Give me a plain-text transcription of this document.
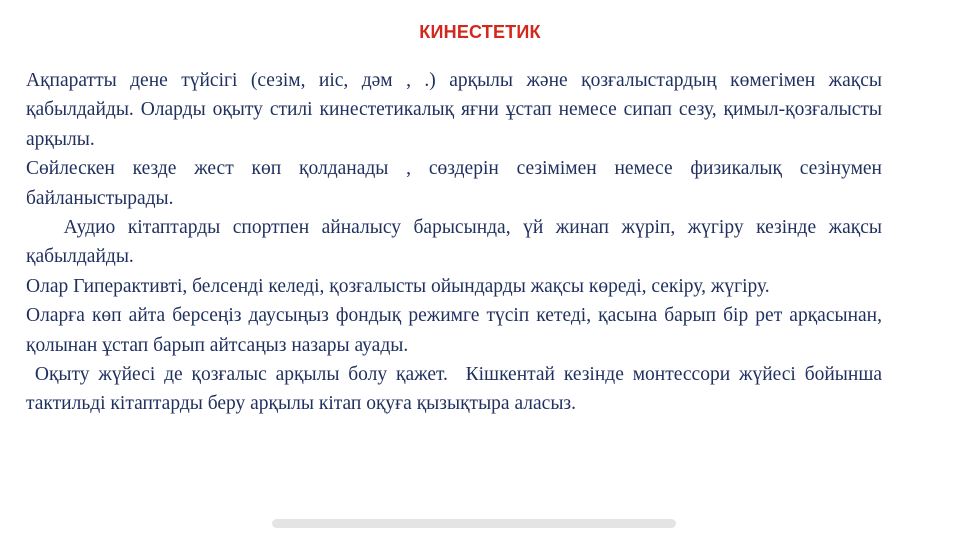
КИНЕСТЕТИК

Ақпаратты дене түйсігі (сезім, иіс, дәм , .) арқылы және қозғалыстардың көмегімен жақсы қабылдайды. Оларды оқыту стилі кинестетикалық яғни ұстап немесе сипап сезу, қимыл-қозғалысты арқылы.

Сөйлескен кезде жест көп қолданады , сөздерін сезімімен немесе физикалық сезінумен байланыстырады.

Аудио кітаптарды спортпен айналысу барысында, үй жинап жүріп, жүгіру кезінде жақсы қабылдайды.

Олар Гиперактивті, белсенді келеді, қозғалысты ойындарды жақсы көреді, секіру, жүгіру.

Оларға көп айта берсеңіз даусыңыз фондық режимге түсіп кетеді, қасына барып бір рет арқасынан, қолынан ұстап барып айтсаңыз назары ауады.

Оқыту жүйесі де қозғалыс арқылы болу қажет.  Кішкентай кезінде монтессори жүйесі бойынша  тактильді кітаптарды беру арқылы кітап оқуға қызықтыра аласыз.
